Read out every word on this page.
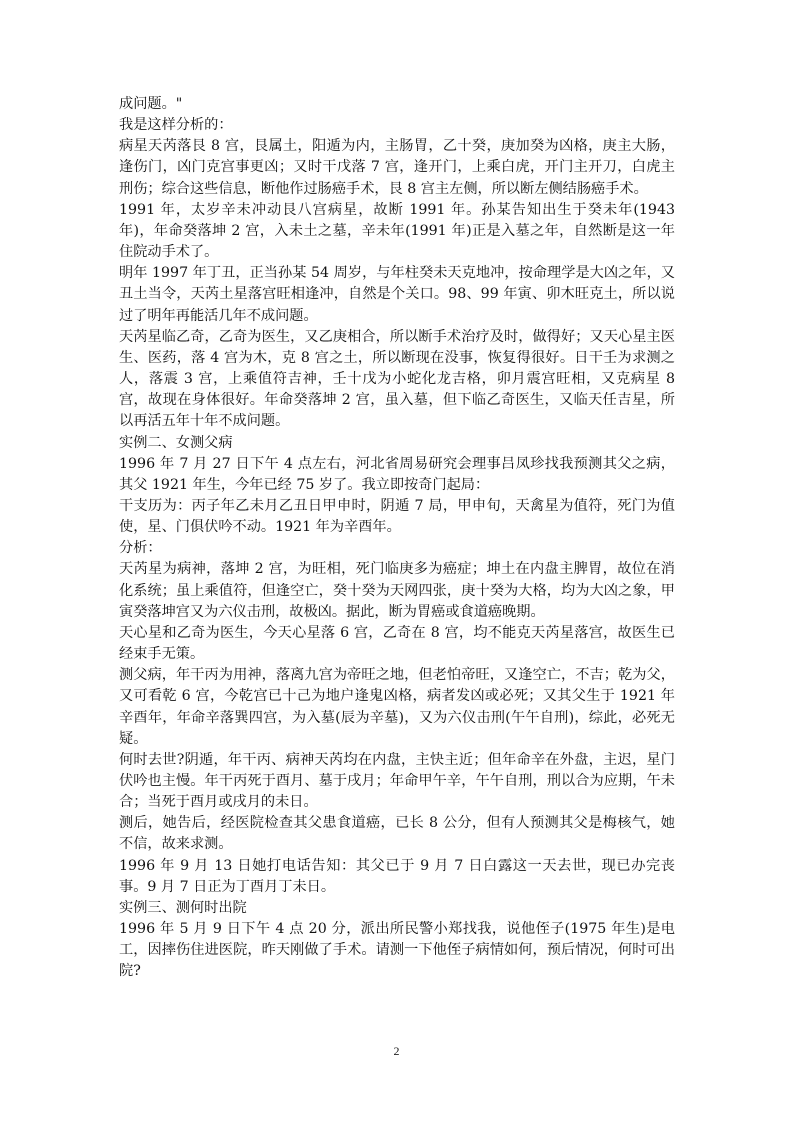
成问题。"

我是这样分析的：

病星天芮落艮 8 宫，艮属土，阳遁为内，主肠胃，乙十癸，庚加癸为凶格，庚主大肠，逢伤门，凶门克宫事更凶；又时干戊落 7 宫，逢开门，上乘白虎，开门主开刀，白虎主刑伤；综合这些信息，断他作过肠癌手术，艮 8 宫主左侧，所以断左侧结肠癌手术。

1991 年，太岁辛未冲动艮八宫病星，故断 1991 年。孙某告知出生于癸未年(1943 年)，年命癸落坤 2 宫，入未土之墓，辛未年(1991 年)正是入墓之年，自然断是这一年住院动手术了。

明年 1997 年丁丑，正当孙某 54 周岁，与年柱癸未天克地冲，按命理学是大凶之年，又丑土当令，天芮土星落宫旺相逢冲，自然是个关口。98、99 年寅、卯木旺克土，所以说过了明年再能活几年不成问题。

天芮星临乙奇，乙奇为医生，又乙庚相合，所以断手术治疗及时，做得好；又天心星主医生、医药，落 4 宫为木，克 8 宫之土，所以断现在没事，恢复得很好。日干壬为求测之人，落震 3 宫，上乘值符吉神，壬十戊为小蛇化龙吉格，卯月震宫旺相，又克病星 8 宫，故现在身体很好。年命癸落坤 2 宫，虽入墓，但下临乙奇医生，又临天任吉星，所以再活五年十年不成问题。

实例二、女测父病

1996 年 7 月 27 日下午 4 点左右，河北省周易研究会理事吕凤珍找我预测其父之病，其父 1921 年生，今年已经 75 岁了。我立即按奇门起局：

干支历为：丙子年乙未月乙丑日甲申时，阴遁 7 局，甲申旬，天禽星为值符，死门为值使，星、门俱伏吟不动。1921 年为辛酉年。

分析：

天芮星为病神，落坤 2 宫，为旺相，死门临庚多为癌症；坤土在内盘主脾胃，故位在消化系统；虽上乘值符，但逢空亡，癸十癸为天网四张，庚十癸为大格，均为大凶之象，甲寅癸落坤宫又为六仪击刑，故极凶。据此，断为胃癌或食道癌晚期。

天心星和乙奇为医生，今天心星落 6 宫，乙奇在 8 宫，均不能克天芮星落宫，故医生已经束手无策。

测父病，年干丙为用神，落离九宫为帝旺之地，但老怕帝旺，又逢空亡，不吉；乾为父，又可看乾 6 宫，今乾宫已十己为地户逢鬼凶格，病者发凶或必死；又其父生于 1921 年辛酉年，年命辛落巽四宫，为入墓(辰为辛墓)，又为六仪击刑(午午自刑)，综此，必死无疑。

何时去世?阴遁，年干丙、病神天芮均在内盘，主快主近；但年命辛在外盘，主迟，星门伏吟也主慢。年干丙死于酉月、墓于戌月；年命甲午辛，午午自刑，刑以合为应期，午未合；当死于酉月或戌月的未日。

测后，她告后，经医院检查其父患食道癌，已长 8 公分，但有人预测其父是梅核气，她不信，故来求测。

1996 年 9 月 13 日她打电话告知：其父已于 9 月 7 日白露这一天去世，现已办完丧事。9 月 7 日正为丁酉月丁未日。

实例三、测何时出院

1996 年 5 月 9 日下午 4 点 20 分，派出所民警小郑找我，说他侄子(1975 年生)是电工，因摔伤住进医院，昨天刚做了手术。请测一下他侄子病情如何，预后情况，何时可出院?

2
